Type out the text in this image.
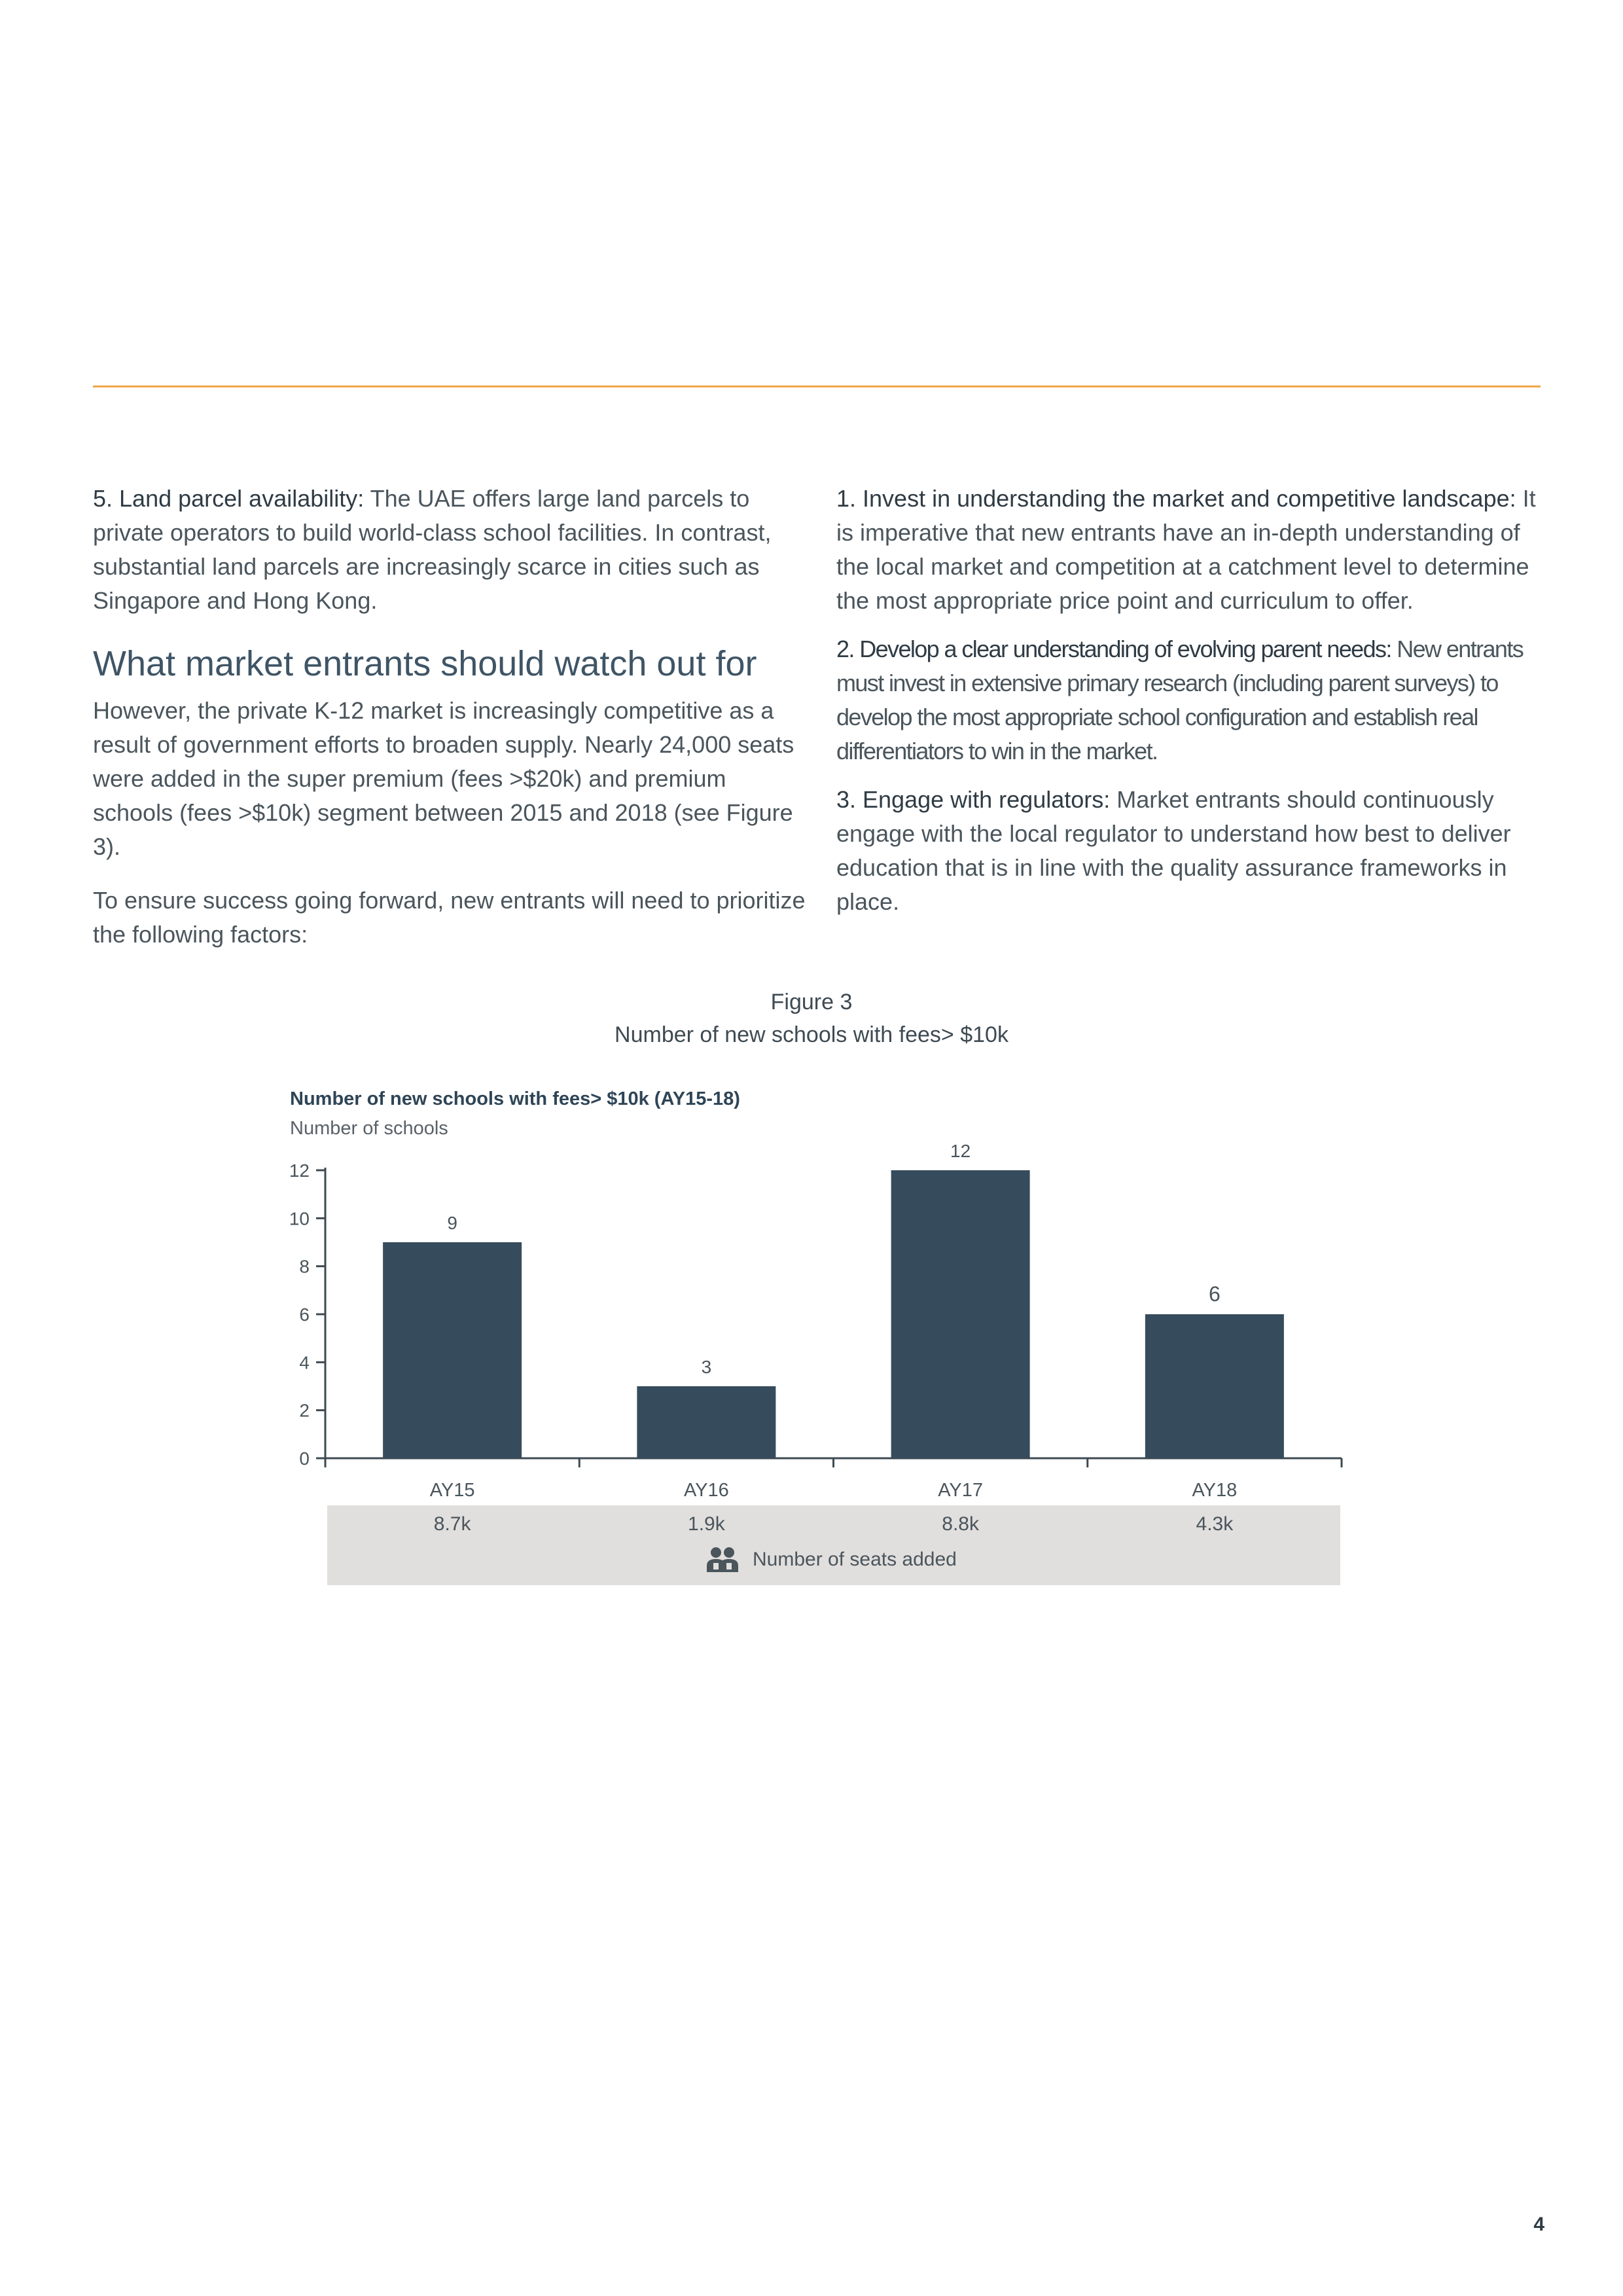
5. Land parcel availability: The UAE offers large land parcels to private operators to build world-class school facilities. In contrast, substantial land parcels are increasingly scarce in cities such as Singapore and Hong Kong.

What market entrants should watch out for

However, the private K-12 market is increasingly competitive as a result of government efforts to broaden supply. Nearly 24,000 seats were added in the super premium (fees >$20k) and premium schools (fees >$10k) segment between 2015 and 2018 (see Figure 3).

To ensure success going forward, new entrants will need to prioritize the following factors:

1. Invest in understanding the market and competitive landscape: It is imperative that new entrants have an in-depth understanding of the local market and competition at a catchment level to determine the most appropriate price point and curriculum to offer.

2. Develop a clear understanding of evolving parent needs: New entrants must invest in extensive primary research (including parent surveys) to develop the most appropriate school configuration and establish real differentiators to win in the market.

3. Engage with regulators: Market entrants should continuously engage with the local regulator to understand how best to deliver education that is in line with the quality assurance frameworks in place.

Figure 3
Number of new schools with fees> $10k
Number of new schools with fees> $10k (AY15-18)
Number of schools
0
2
4
6
8
10
12
9
AY15
3
AY16
12
AY17
6
AY18
8.7k	1.9k	8.8k	4.3k
Number of seats added
4
